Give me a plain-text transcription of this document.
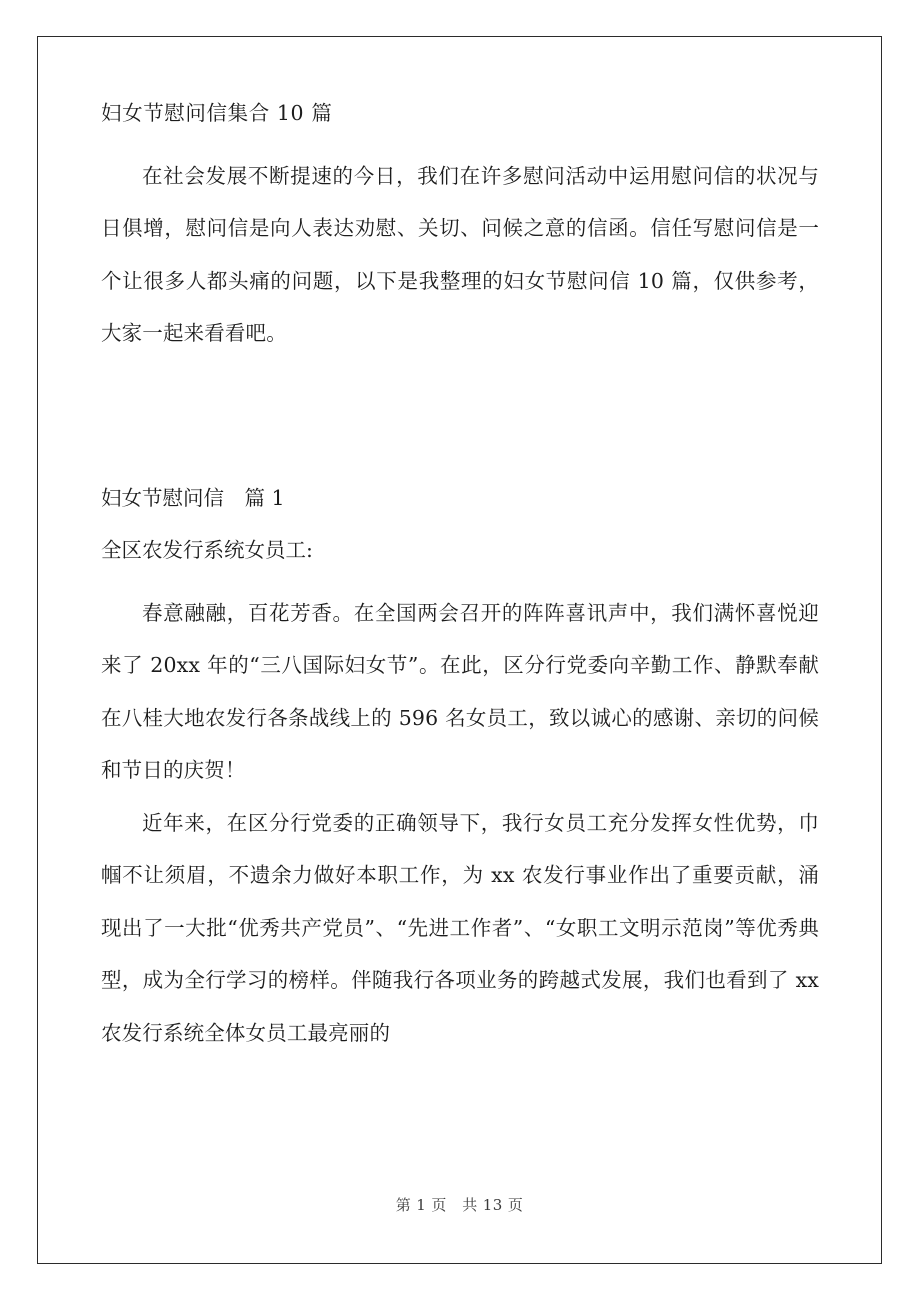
妇女节慰问信集合 10 篇

在社会发展不断提速的今日，我们在许多慰问活动中运用慰问信的状况与日俱增，慰问信是向人表达劝慰、关切、问候之意的信函。信任写慰问信是一个让很多人都头痛的问题，以下是我整理的妇女节慰问信 10 篇，仅供参考，大家一起来看看吧。

妇女节慰问信　篇 1

全区农发行系统女员工:

春意融融，百花芳香。在全国两会召开的阵阵喜讯声中，我们满怀喜悦迎来了 20xx 年的“三八国际妇女节”。在此，区分行党委向辛勤工作、静默奉献在八桂大地农发行各条战线上的 596 名女员工，致以诚心的感谢、亲切的问候和节日的庆贺！

近年来，在区分行党委的正确领导下，我行女员工充分发挥女性优势，巾帼不让须眉，不遗余力做好本职工作，为 xx 农发行事业作出了重要贡献，涌现出了一大批“优秀共产党员”、“先进工作者”、“女职工文明示范岗”等优秀典型，成为全行学习的榜样。伴随我行各项业务的跨越式发展，我们也看到了 xx 农发行系统全体女员工最亮丽的

第 1 页　共 13 页
